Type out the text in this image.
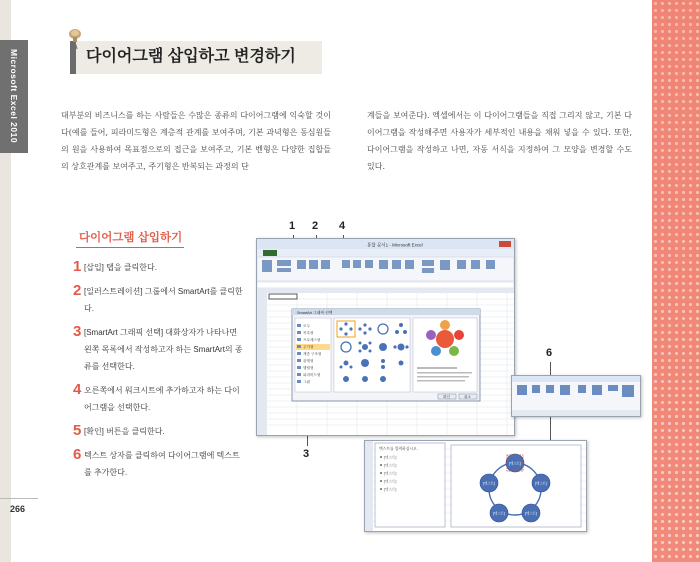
Microsoft Excel 2010
266
다이어그램 삽입하고 변경하기
대부분의 비즈니스를 하는 사람들은 수많은 종류의 다이어그램에 익숙할 것이다(예를 들어, 피라미드형은 계층적 관계를 보여주며, 기본 과녁형은 동심원들의 원을 사용하여 목표점으로의 접근을 보여주고, 기본 벤형은 다양한 집합들의 상호관계를 보여주고, 주기형은 반복되는 과정의 단
계들을 보여준다). 엑셀에서는 이 다이어그램들을 직접 그리지 않고, 기본 다이어그램을 작성해주면 사용자가 세부적인 내용을 채워 넣을 수 있다. 또한, 다이어그램을 작성하고 나면, 자동 서식을 지정하여 그 모양을 변경할 수도 있다.
다이어그램 삽입하기
1 [삽입] 탭을 클릭한다.
2 [일러스트레이션] 그룹에서 SmartArt를 클릭한다.
3 [SmartArt 그래픽 선택] 대화상자가 나타나면 왼쪽 목록에서 작성하고자 하는 SmartArt의 종류를 선택한다.
4 오른쪽에서 워크시트에 추가하고자 하는 다이어그램을 선택한다.
5 [확인] 버튼을 클릭한다.
6 텍스트 상자를 클릭하여 다이어그램에 텍스트를 추가한다.
1 2 4
3
6
통합 문서1 - Microsoft Excel
SmartArt 그래픽 선택
모두
목록형
프로세스형
주기형
계층 구조형
관계형
행렬형
피라미드형
그림
확인	취소
텍스트를 입력하십시오.
[텍스트]
[텍스트]
[텍스트]
[텍스트]
[텍스트]
[텍스트]
[텍스트]
[텍스트]
[텍스트]
[텍스트]
